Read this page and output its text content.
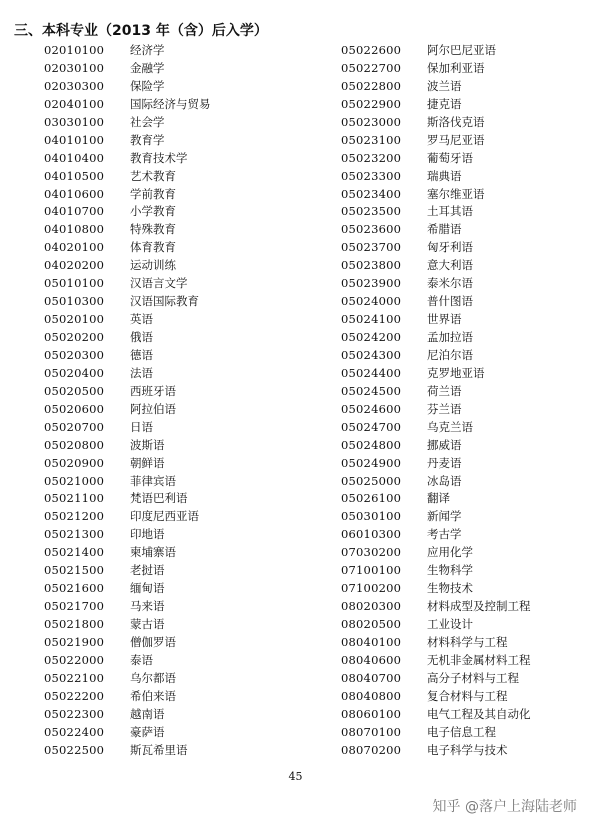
三、本科专业（2013 年（含）后入学）
02010100 经济学
02030100 金融学
02030300 保险学
02040100 国际经济与贸易
03030100 社会学
04010100 教育学
04010400 教育技术学
04010500 艺术教育
04010600 学前教育
04010700 小学教育
04010800 特殊教育
04020100 体育教育
04020200 运动训练
05010100 汉语言文学
05010300 汉语国际教育
05020100 英语
05020200 俄语
05020300 德语
05020400 法语
05020500 西班牙语
05020600 阿拉伯语
05020700 日语
05020800 波斯语
05020900 朝鲜语
05021000 菲律宾语
05021100 梵语巴利语
05021200 印度尼西亚语
05021300 印地语
05021400 柬埔寨语
05021500 老挝语
05021600 缅甸语
05021700 马来语
05021800 蒙古语
05021900 僧伽罗语
05022000 泰语
05022100 乌尔都语
05022200 希伯来语
05022300 越南语
05022400 豪萨语
05022500 斯瓦希里语
05022600 阿尔巴尼亚语
05022700 保加利亚语
05022800 波兰语
05022900 捷克语
05023000 斯洛伐克语
05023100 罗马尼亚语
05023200 葡萄牙语
05023300 瑞典语
05023400 塞尔维亚语
05023500 土耳其语
05023600 希腊语
05023700 匈牙利语
05023800 意大利语
05023900 泰米尔语
05024000 普什图语
05024100 世界语
05024200 孟加拉语
05024300 尼泊尔语
05024400 克罗地亚语
05024500 荷兰语
05024600 芬兰语
05024700 乌克兰语
05024800 挪威语
05024900 丹麦语
05025000 冰岛语
05026100 翻译
05030100 新闻学
06010300 考古学
07030200 应用化学
07100100 生物科学
07100200 生物技术
08020300 材料成型及控制工程
08020500 工业设计
08040100 材料科学与工程
08040600 无机非金属材料工程
08040700 高分子材料与工程
08040800 复合材料与工程
08060100 电气工程及其自动化
08070100 电子信息工程
08070200 电子科学与技术
45
知乎 @落户上海陆老师
